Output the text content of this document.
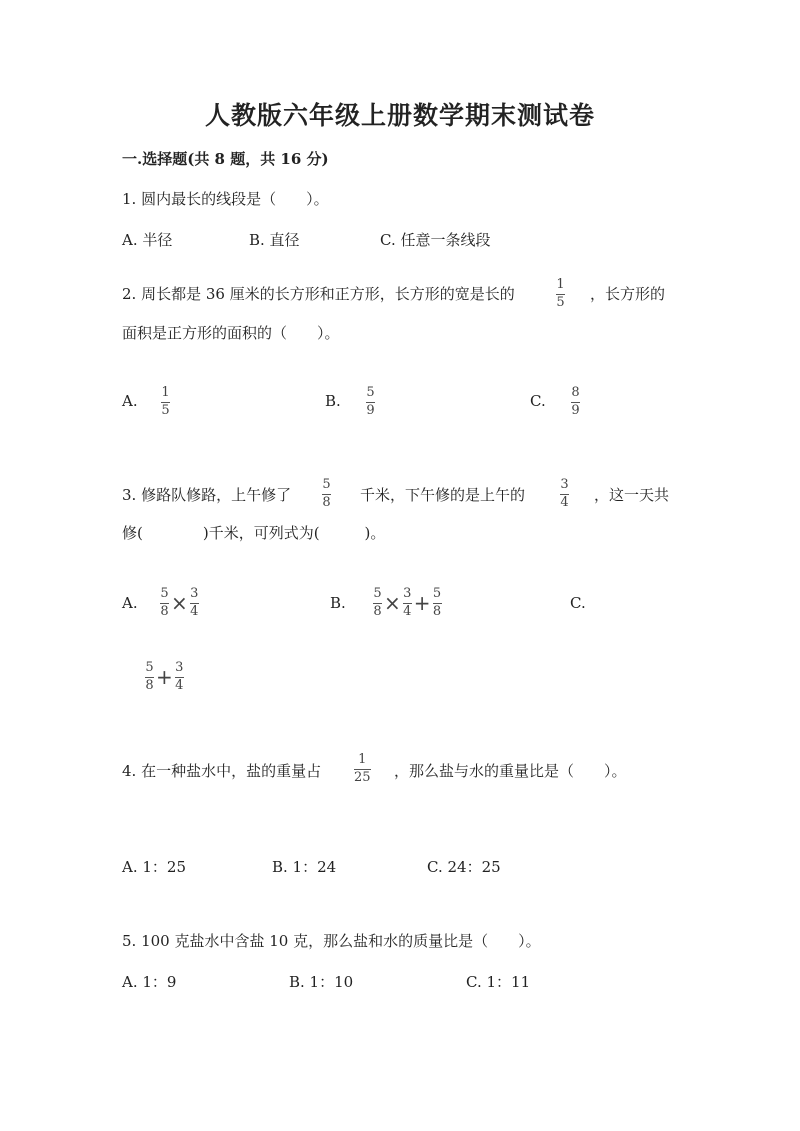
人教版六年级上册数学期末测试卷
一.选择题(共 8 题，共 16 分)
1. 圆内最长的线段是（　　）。
A. 半径	B. 直径	C. 任意一条线段
2. 周长都是 36 厘米的长方形和正方形，长方形的宽是长的
1
5 ，长方形的
面积是正方形的面积的（　　）。
A. 1
5
B. 5
9
C. 8
9
3. 修路队修路，上午修了
5
8 千米，下午修的是上午的
3
4 ，这一天共
修(　　　　)千米，可列式为(　　　)。
A. $\frac{5}{8} \times \frac{3}{4}$	B. $\frac{5}{8} \times \frac{3}{4} + \frac{5}{8}$	C.
$\frac{5}{8} + \frac{3}{4}$
4. 在一种盐水中，盐的重量占
1
25 ，那么盐与水的重量比是（　　）。
A. 1：25	B. 1：24	C. 24：25
5. 100 克盐水中含盐 10 克，那么盐和水的质量比是（　　）。
A. 1：9	B. 1：10	C. 1：11
